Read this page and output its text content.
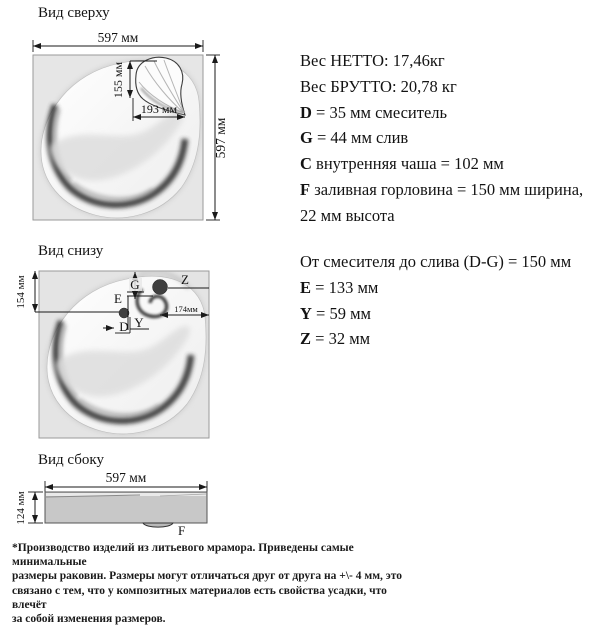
Вид сверху
Вид снизу
Вид сбоку
597 мм
597 мм
155 мм
193 мм
154 мм	G
E
D Y
Z
174мм
597 мм
124 мм
F
Вес НЕТТО: 17,46кг
Вес БРУТТО: 20,78 кг
D = 35 мм смеситель
G = 44 мм слив
C внутренняя чаша = 102 мм
F заливная горловина = 150 мм ширина,
22 мм высота
От смесителя до слива (D-G) = 150 мм
E = 133 мм
Y = 59 мм
Z = 32 мм
*Производство изделий из литьевого мрамора. Приведены самые минимальные
размеры раковин. Размеры могут отличаться друг от друга на +\- 4 мм, это
связано с тем, что у композитных материалов есть свойства усадки, что влечёт
за собой изменения размеров.
